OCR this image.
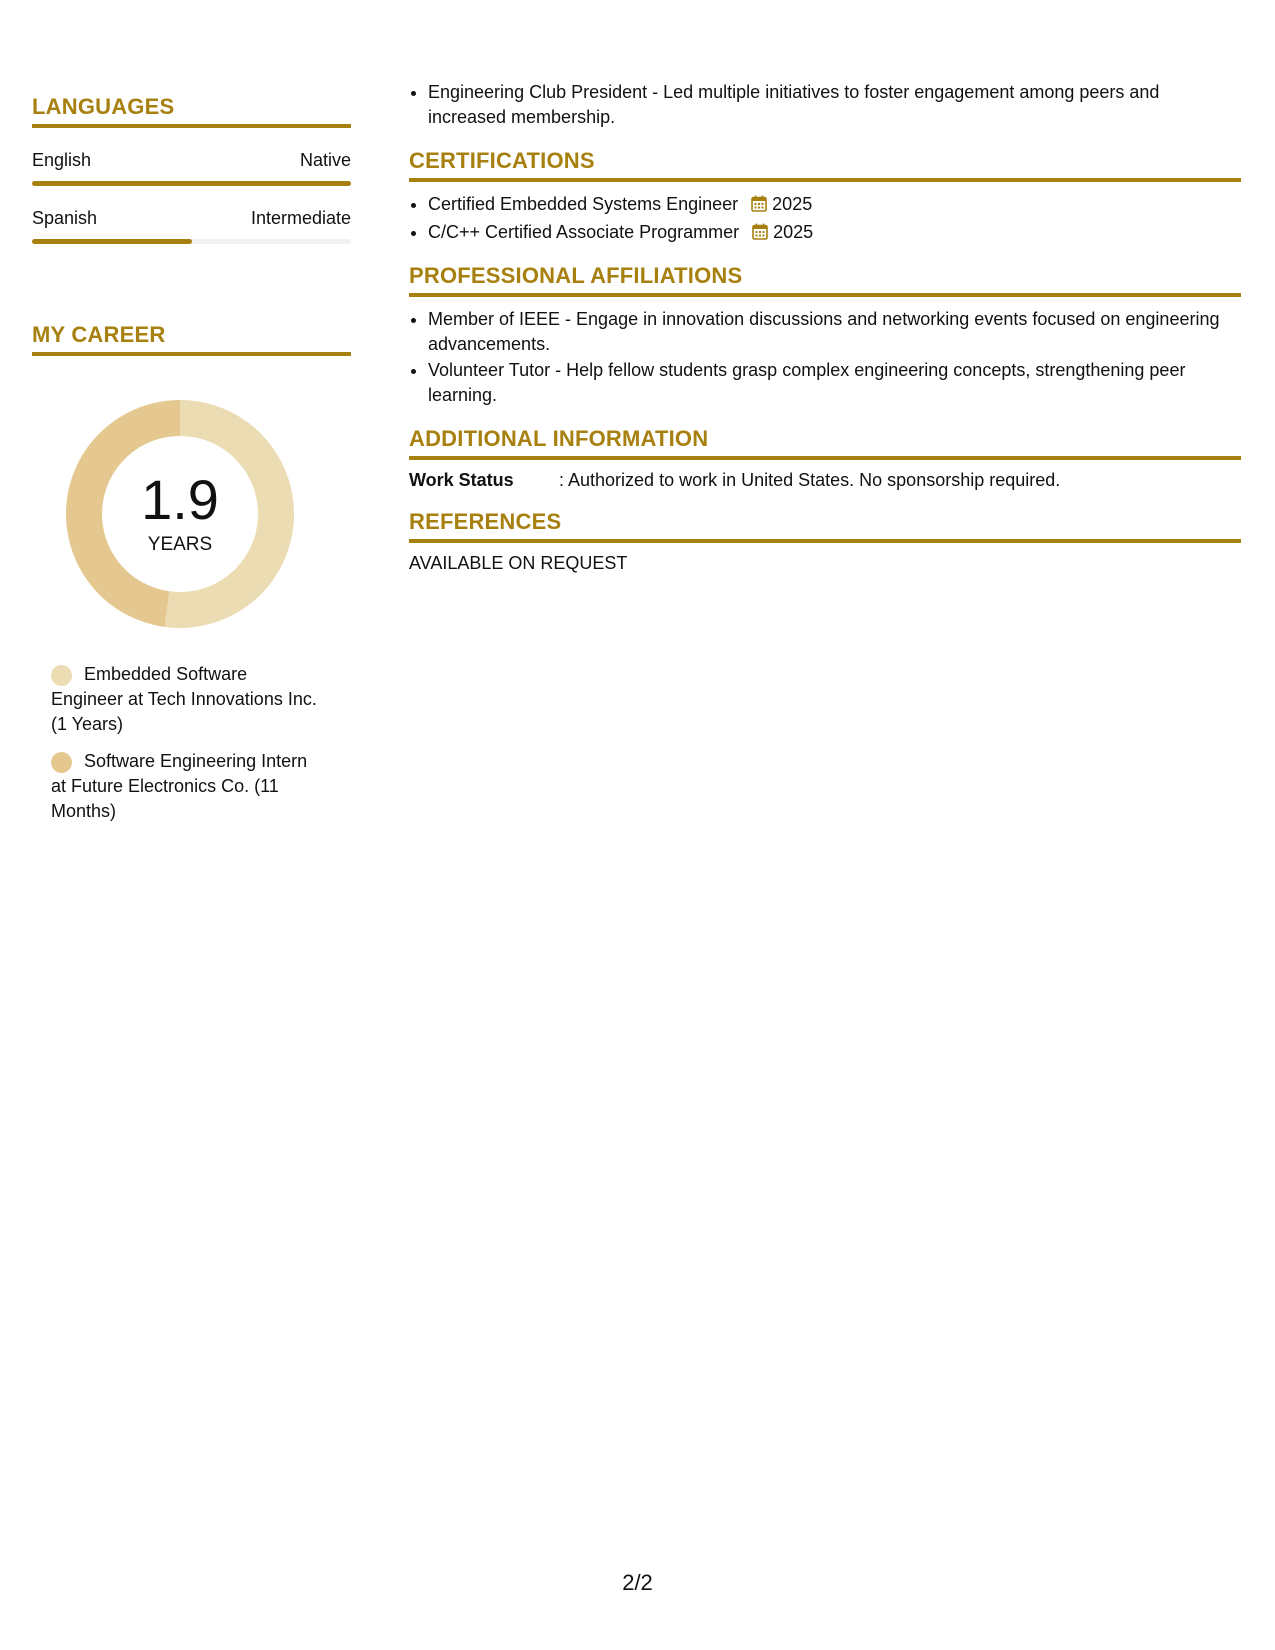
LANGUAGES
English	Native
Spanish	Intermediate
MY CAREER
1.9
YEARS
Embedded Software Engineer at Tech Innovations Inc. (1 Years)
Software Engineering Intern at Future Electronics Co. (11 Months)
• Engineering Club President - Led multiple initiatives to foster engagement among peers and increased membership.
CERTIFICATIONS
• Certified Embedded Systems Engineer 2025
• C/C++ Certified Associate Programmer 2025
PROFESSIONAL AFFILIATIONS
• Member of IEEE - Engage in innovation discussions and networking events focused on engineering advancements.
• Volunteer Tutor - Help fellow students grasp complex engineering concepts, strengthening peer learning.
ADDITIONAL INFORMATION
Work Status	: Authorized to work in United States. No sponsorship required.
REFERENCES
AVAILABLE ON REQUEST
2/2
